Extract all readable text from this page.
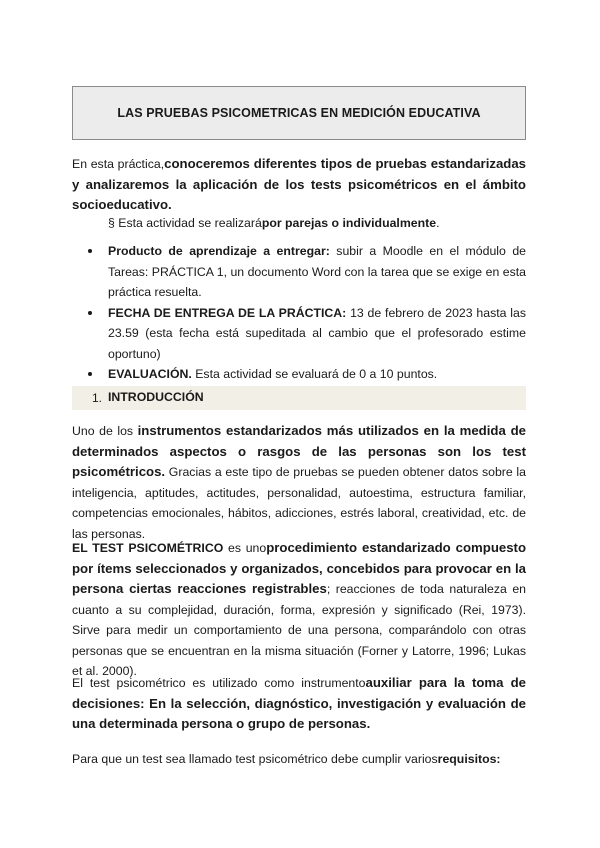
LAS PRUEBAS PSICOMETRICAS EN MEDICIÓN EDUCATIVA

En esta práctica,conoceremos diferentes tipos de pruebas estandarizadas y analizaremos la aplicación de los tests psicométricos en el ámbito socioeducativo.

§ Esta actividad se realizarápor parejas o individualmente.
Producto de aprendizaje a entregar: subir a Moodle en el módulo de Tareas: PRÁCTICA 1, un documento Word con la tarea que se exige en esta práctica resuelta.
FECHA DE ENTREGA DE LA PRÁCTICA: 13 de febrero de 2023 hasta las 23.59 (esta fecha está supeditada al cambio que el profesorado estime oportuno)
EVALUACIÓN. Esta actividad se evaluará de 0 a 10 puntos.
1. INTRODUCCIÓN

Uno de los instrumentos estandarizados más utilizados en la medida de determinados aspectos o rasgos de las personas son los test psicométricos. Gracias a este tipo de pruebas se pueden obtener datos sobre la inteligencia, aptitudes, actitudes, personalidad, autoestima, estructura familiar, competencias emocionales, hábitos, adicciones, estrés laboral, creatividad, etc. de las personas.

EL TEST PSICOMÉTRICO es unoprocedimiento estandarizado compuesto por ítems seleccionados y organizados, concebidos para provocar en la persona ciertas reacciones registrables; reacciones de toda naturaleza en cuanto a su complejidad, duración, forma, expresión y significado (Rei, 1973). Sirve para medir un comportamiento de una persona, comparándolo con otras personas que se encuentran en la misma situación (Forner y Latorre, 1996; Lukas et al. 2000).

El test psicométrico es utilizado como instrumentoauxiliar para la toma de decisiones: En la selección, diagnóstico, investigación y evaluación de una determinada persona o grupo de personas.

Para que un test sea llamado test psicométrico debe cumplir variosrequisitos:
